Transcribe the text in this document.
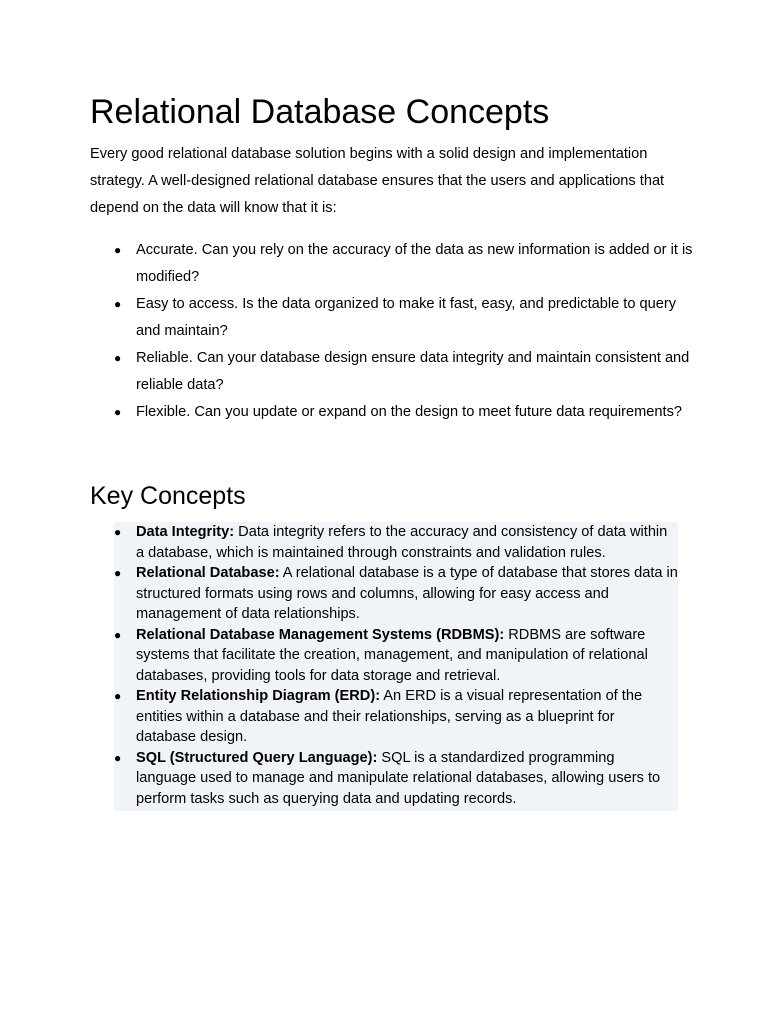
Relational Database Concepts

Every good relational database solution begins with a solid design and implementation strategy. A well-designed relational database ensures that the users and applications that depend on the data will know that it is:

● Accurate. Can you rely on the accuracy of the data as new information is added or it is modified?
● Easy to access. Is the data organized to make it fast, easy, and predictable to query and maintain?
● Reliable. Can your database design ensure data integrity and maintain consistent and reliable data?
● Flexible. Can you update or expand on the design to meet future data requirements?
Key Concepts
● Data Integrity: Data integrity refers to the accuracy and consistency of data within a database, which is maintained through constraints and validation rules.
● Relational Database: A relational database is a type of database that stores data in structured formats using rows and columns, allowing for easy access and management of data relationships.
● Relational Database Management Systems (RDBMS): RDBMS are software systems that facilitate the creation, management, and manipulation of relational databases, providing tools for data storage and retrieval.
● Entity Relationship Diagram (ERD): An ERD is a visual representation of the entities within a database and their relationships, serving as a blueprint for database design.
● SQL (Structured Query Language): SQL is a standardized programming language used to manage and manipulate relational databases, allowing users to perform tasks such as querying data and updating records.
